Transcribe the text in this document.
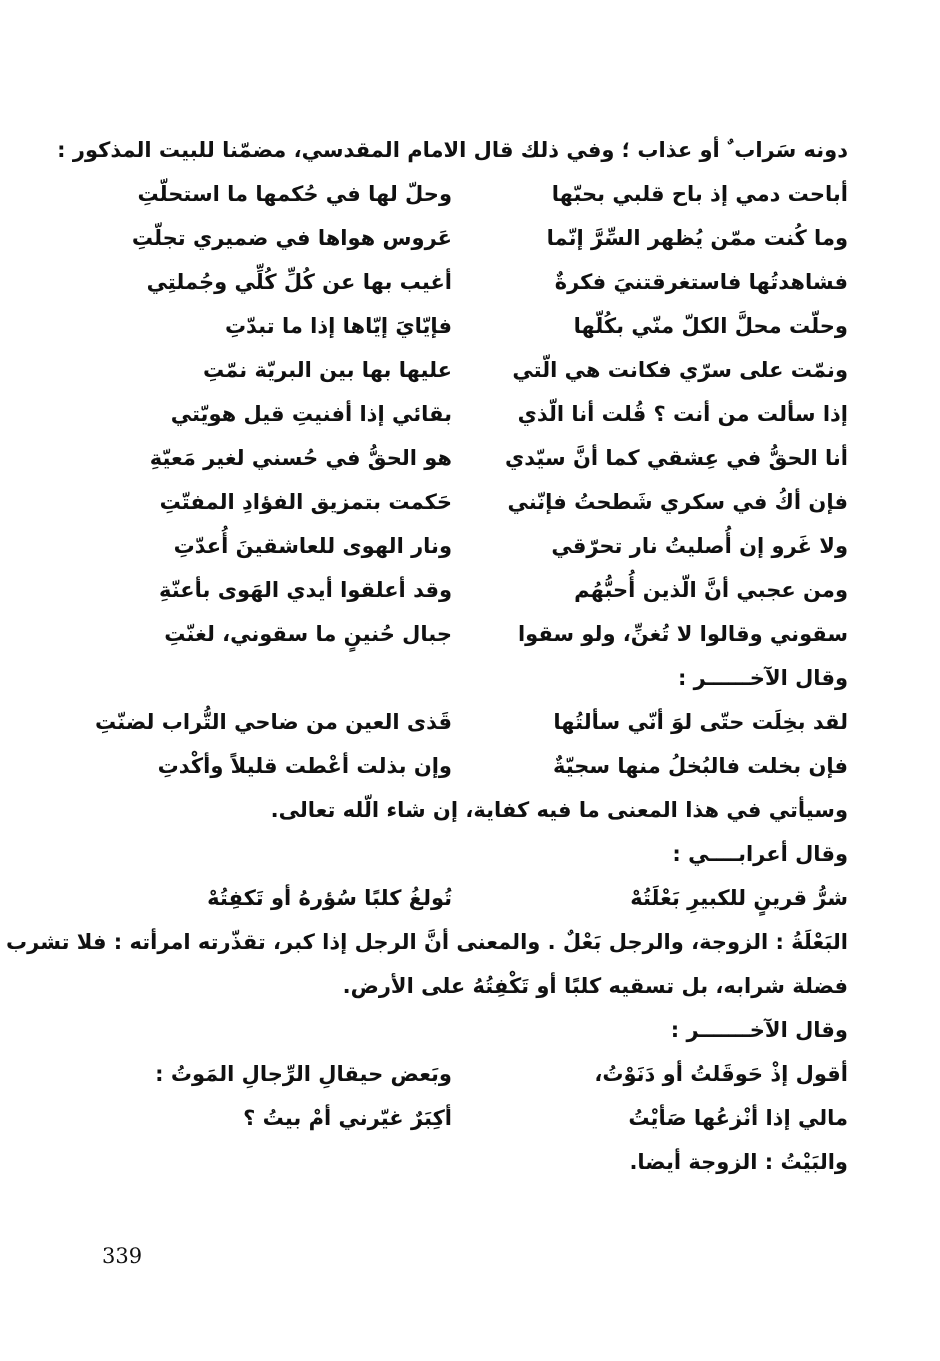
دونه سَراب ٌ أو عذاب ؛ وفي ذلك قال الامام المقدسي، مضمّنا للبيت المذكور :
أباحت دمي إذ باح قلبي بحبّها
وحلّ لها في حُكمها ما استحلّتِ
وما كُنت ممّن يُظهر السِّرَّ إنّما
عَروس هواها في ضميري تجلّتِ
فشاهدتُها فاستغرقتنيَ فكرةٌ
أغيب بها عن كُلِّ كُلِّي وجُملتِي
وحلّت محلَّ الكلّ منّي بكُلّها
فإيّايَ إيّاها إذا ما تبدّتِ
ونمّت على سرّي فكانت هي الّتي
عليها بها بين البريّة نمّتِ
إذا سألت من أنت ؟ قُلت أنا الّذي
بقائي إذا أفنيتِ قيل هويّتي
أنا الحقُّ في عِشقي كما أنَّ سيّدي
هو الحقُّ في حُسني لغير مَعيّةِ
فإن أكُ في سكري شَطحتُ فإنّني
حَكمت بتمزيق الفؤادِ المفتّتِ
ولا غَرو إن أُصليتُ نار تحرّقي
ونار الهوى للعاشقينَ أُعدّتِ
ومن عجبي أنَّ الّذين أُحبُّهُم
وقد أعلقوا أيدي الهَوى بأعنّةِ
سقوني وقالوا لا تُغنِّ، ولو سقوا
جبال حُنينٍ ما سقوني، لغنّتِ
وقال الآخــــــر :
لقد بخِلَت حتّى لوَ أنّي سألتُها
قَذى العين من ضاحي التُّراب لضنّتِ
فإن بخلت فالبُخلُ منها سجيّةٌ
وإن بذلت أعْطت قليلاً وأكْدتِ
وسيأتي في هذا المعنى ما فيه كفاية، إن شاء الّله تعالى.
وقال أعرابــــي :
شرُّ قرينٍ للكبيرِ بَعْلَتُهْ
تُولغُ كلبًا سُؤرهُ أو تَكفِتُهْ
البَعْلَةُ : الزوجة، والرجل بَعْلٌ . والمعنى أنَّ الرجل إذا كبر، تقذّرته امرأته : فلا تشرب
فضلة شرابه، بل تسقيه كلبًا أو تَكْفِتُهُ على الأرض.
وقال الآخـــــــر :
أقول إذْ حَوقَلتُ أو دَنَوْتُ،
وبَعض حيقالِ الرِّجالِ المَوتُ :
مالي إذا أنْزعُها صَأيْتُ
أكِبَرٌ غيّرني أمْ بيتُ ؟
والبَيْتُ : الزوجة أيضا.
339
